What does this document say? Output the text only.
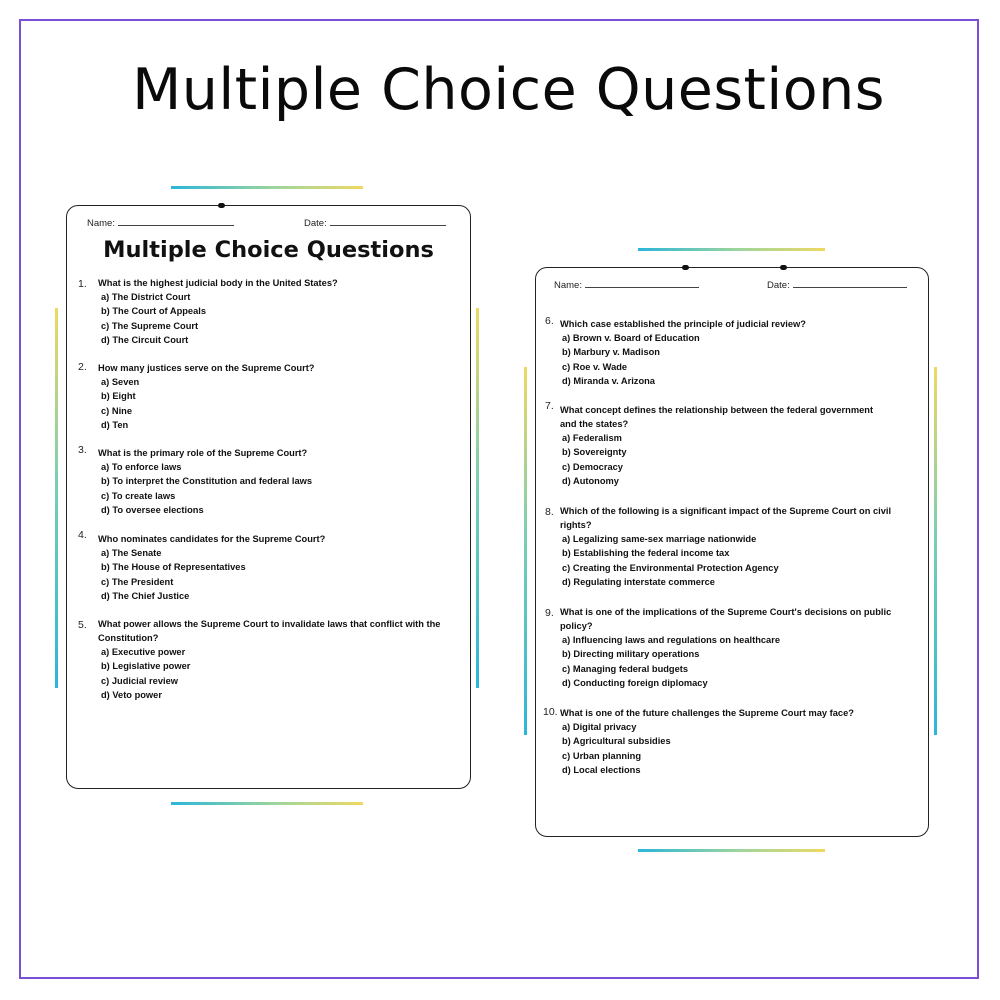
Multiple Choice Questions
Name:	Date:
Multiple Choice Questions
1. What is the highest judicial body in the United States?
a) The District Court
b) The Court of Appeals
c) The Supreme Court
d) The Circuit Court
2. How many justices serve on the Supreme Court?
a) Seven
b) Eight
c) Nine
d) Ten
3. What is the primary role of the Supreme Court?
a) To enforce laws
b) To interpret the Constitution and federal laws
c) To create laws
d) To oversee elections
4. Who nominates candidates for the Supreme Court?
a) The Senate
b) The House of Representatives
c) The President
d) The Chief Justice
5. What power allows the Supreme Court to invalidate laws that conflict with the Constitution?
a) Executive power
b) Legislative power
c) Judicial review
d) Veto power
Name:	Date:
6. Which case established the principle of judicial review?
a) Brown v. Board of Education
b) Marbury v. Madison
c) Roe v. Wade
d) Miranda v. Arizona
7. What concept defines the relationship between the federal government and the states?
a) Federalism
b) Sovereignty
c) Democracy
d) Autonomy
8. Which of the following is a significant impact of the Supreme Court on civil rights?
a) Legalizing same-sex marriage nationwide
b) Establishing the federal income tax
c) Creating the Environmental Protection Agency
d) Regulating interstate commerce
9. What is one of the implications of the Supreme Court's decisions on public policy?
a) Influencing laws and regulations on healthcare
b) Directing military operations
c) Managing federal budgets
d) Conducting foreign diplomacy
10. What is one of the future challenges the Supreme Court may face?
a) Digital privacy
b) Agricultural subsidies
c) Urban planning
d) Local elections
